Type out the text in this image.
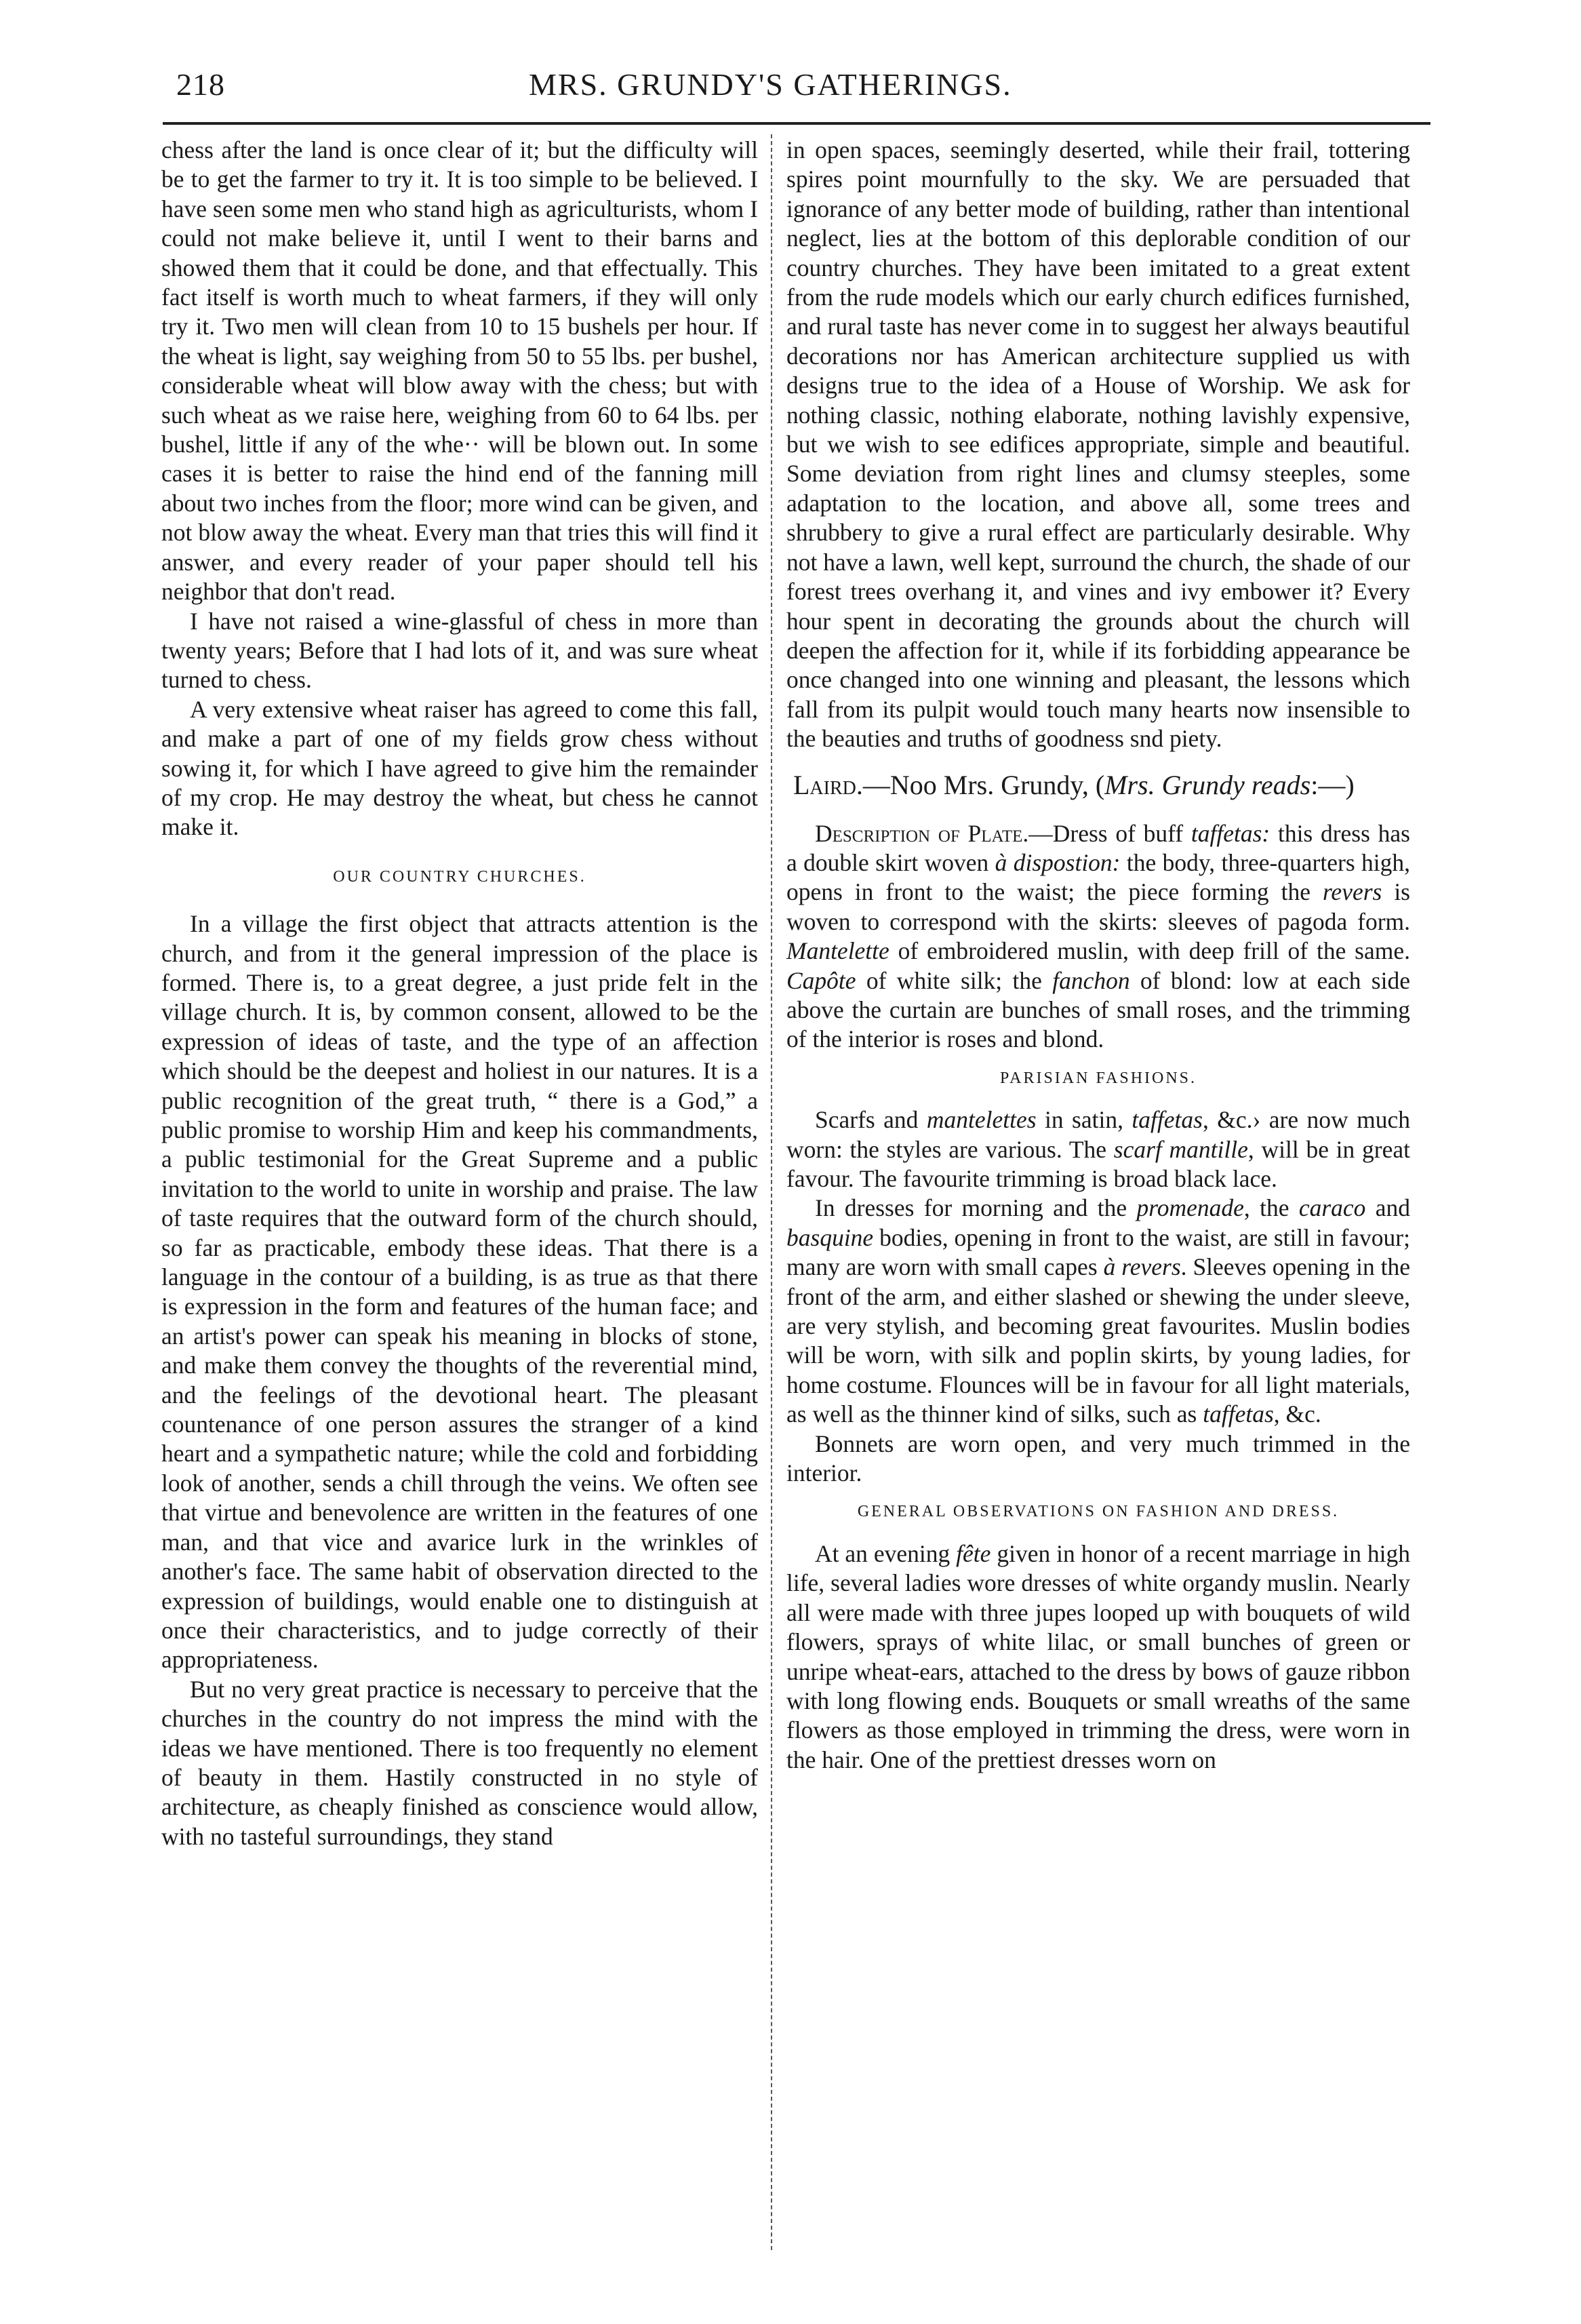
218	MRS. GRUNDY'S GATHERINGS.

chess after the land is once clear of it; but the difficulty will be to get the farmer to try it. It is too simple to be believed. I have seen some men who stand high as agriculturists, whom I could not make believe it, until I went to their barns and showed them that it could be done, and that effectually. This fact itself is worth much to wheat farmers, if they will only try it. Two men will clean from 10 to 15 bushels per hour. If the wheat is light, say weighing from 50 to 55 lbs. per bushel, considerable wheat will blow away with the chess; but with such wheat as we raise here, weighing from 60 to 64 lbs. per bushel, little if any of the whe·· will be blown out. In some cases it is better to raise the hind end of the fanning mill about two inches from the floor; more wind can be given, and not blow away the wheat. Every man that tries this will find it answer, and every reader of your paper should tell his neighbor that don't read.

I have not raised a wine-glassful of chess in more than twenty years; Before that I had lots of it, and was sure wheat turned to chess.

A very extensive wheat raiser has agreed to come this fall, and make a part of one of my fields grow chess without sowing it, for which I have agreed to give him the remainder of my crop. He may destroy the wheat, but chess he cannot make it.

OUR COUNTRY CHURCHES.

In a village the first object that attracts attention is the church, and from it the general impression of the place is formed. There is, to a great degree, a just pride felt in the village church. It is, by common consent, allowed to be the expression of ideas of taste, and the type of an affection which should be the deepest and holiest in our natures. It is a public recognition of the great truth, “ there is a God,” a public promise to worship Him and keep his commandments, a public testimonial for the Great Supreme and a public invitation to the world to unite in worship and praise. The law of taste requires that the outward form of the church should, so far as practicable, embody these ideas. That there is a language in the contour of a building, is as true as that there is expression in the form and features of the human face; and an artist's power can speak his meaning in blocks of stone, and make them convey the thoughts of the reverential mind, and the feelings of the devotional heart. The pleasant countenance of one person assures the stranger of a kind heart and a sympathetic nature; while the cold and forbidding look of another, sends a chill through the veins. We often see that virtue and benevolence are written in the features of one man, and that vice and avarice lurk in the wrinkles of another's face. The same habit of observation directed to the expression of buildings, would enable one to distinguish at once their characteristics, and to judge correctly of their appropriateness.

But no very great practice is necessary to perceive that the churches in the country do not impress the mind with the ideas we have mentioned. There is too frequently no element of beauty in them. Hastily constructed in no style of architecture, as cheaply finished as conscience would allow, with no tasteful surroundings, they stand

in open spaces, seemingly deserted, while their frail, tottering spires point mournfully to the sky. We are persuaded that ignorance of any better mode of building, rather than intentional neglect, lies at the bottom of this deplorable condition of our country churches. They have been imitated to a great extent from the rude models which our early church edifices furnished, and rural taste has never come in to suggest her always beautiful decorations nor has American architecture supplied us with designs true to the idea of a House of Worship. We ask for nothing classic, nothing elaborate, nothing lavishly expensive, but we wish to see edifices appropriate, simple and beautiful. Some deviation from right lines and clumsy steeples, some adaptation to the location, and above all, some trees and shrubbery to give a rural effect are particularly desirable. Why not have a lawn, well kept, surround the church, the shade of our forest trees overhang it, and vines and ivy embower it? Every hour spent in decorating the grounds about the church will deepen the affection for it, while if its forbidding appearance be once changed into one winning and pleasant, the lessons which fall from its pulpit would touch many hearts now insensible to the beauties and truths of goodness snd piety.

Laird.—Noo Mrs. Grundy, (Mrs. Grundy reads:—)

Description of Plate.—Dress of buff taffetas: this dress has a double skirt woven à dispostion: the body, three-quarters high, opens in front to the waist; the piece forming the revers is woven to correspond with the skirts: sleeves of pagoda form. Mantelette of embroidered muslin, with deep frill of the same. Capôte of white silk; the fanchon of blond: low at each side above the curtain are bunches of small roses, and the trimming of the interior is roses and blond.

PARISIAN FASHIONS.

Scarfs and mantelettes in satin, taffetas, &c.› are now much worn: the styles are various. The scarf mantille, will be in great favour. The favourite trimming is broad black lace.

In dresses for morning and the promenade, the caraco and basquine bodies, opening in front to the waist, are still in favour; many are worn with small capes à revers. Sleeves opening in the front of the arm, and either slashed or shewing the under sleeve, are very stylish, and becoming great favourites. Muslin bodies will be worn, with silk and poplin skirts, by young ladies, for home costume. Flounces will be in favour for all light materials, as well as the thinner kind of silks, such as taffetas, &c.

Bonnets are worn open, and very much trimmed in the interior.

GENERAL OBSERVATIONS ON FASHION AND DRESS.

At an evening fête given in honor of a recent marriage in high life, several ladies wore dresses of white organdy muslin. Nearly all were made with three jupes looped up with bouquets of wild flowers, sprays of white lilac, or small bunches of green or unripe wheat-ears, attached to the dress by bows of gauze ribbon with long flowing ends. Bouquets or small wreaths of the same flowers as those employed in trimming the dress, were worn in the hair. One of the prettiest dresses worn on
